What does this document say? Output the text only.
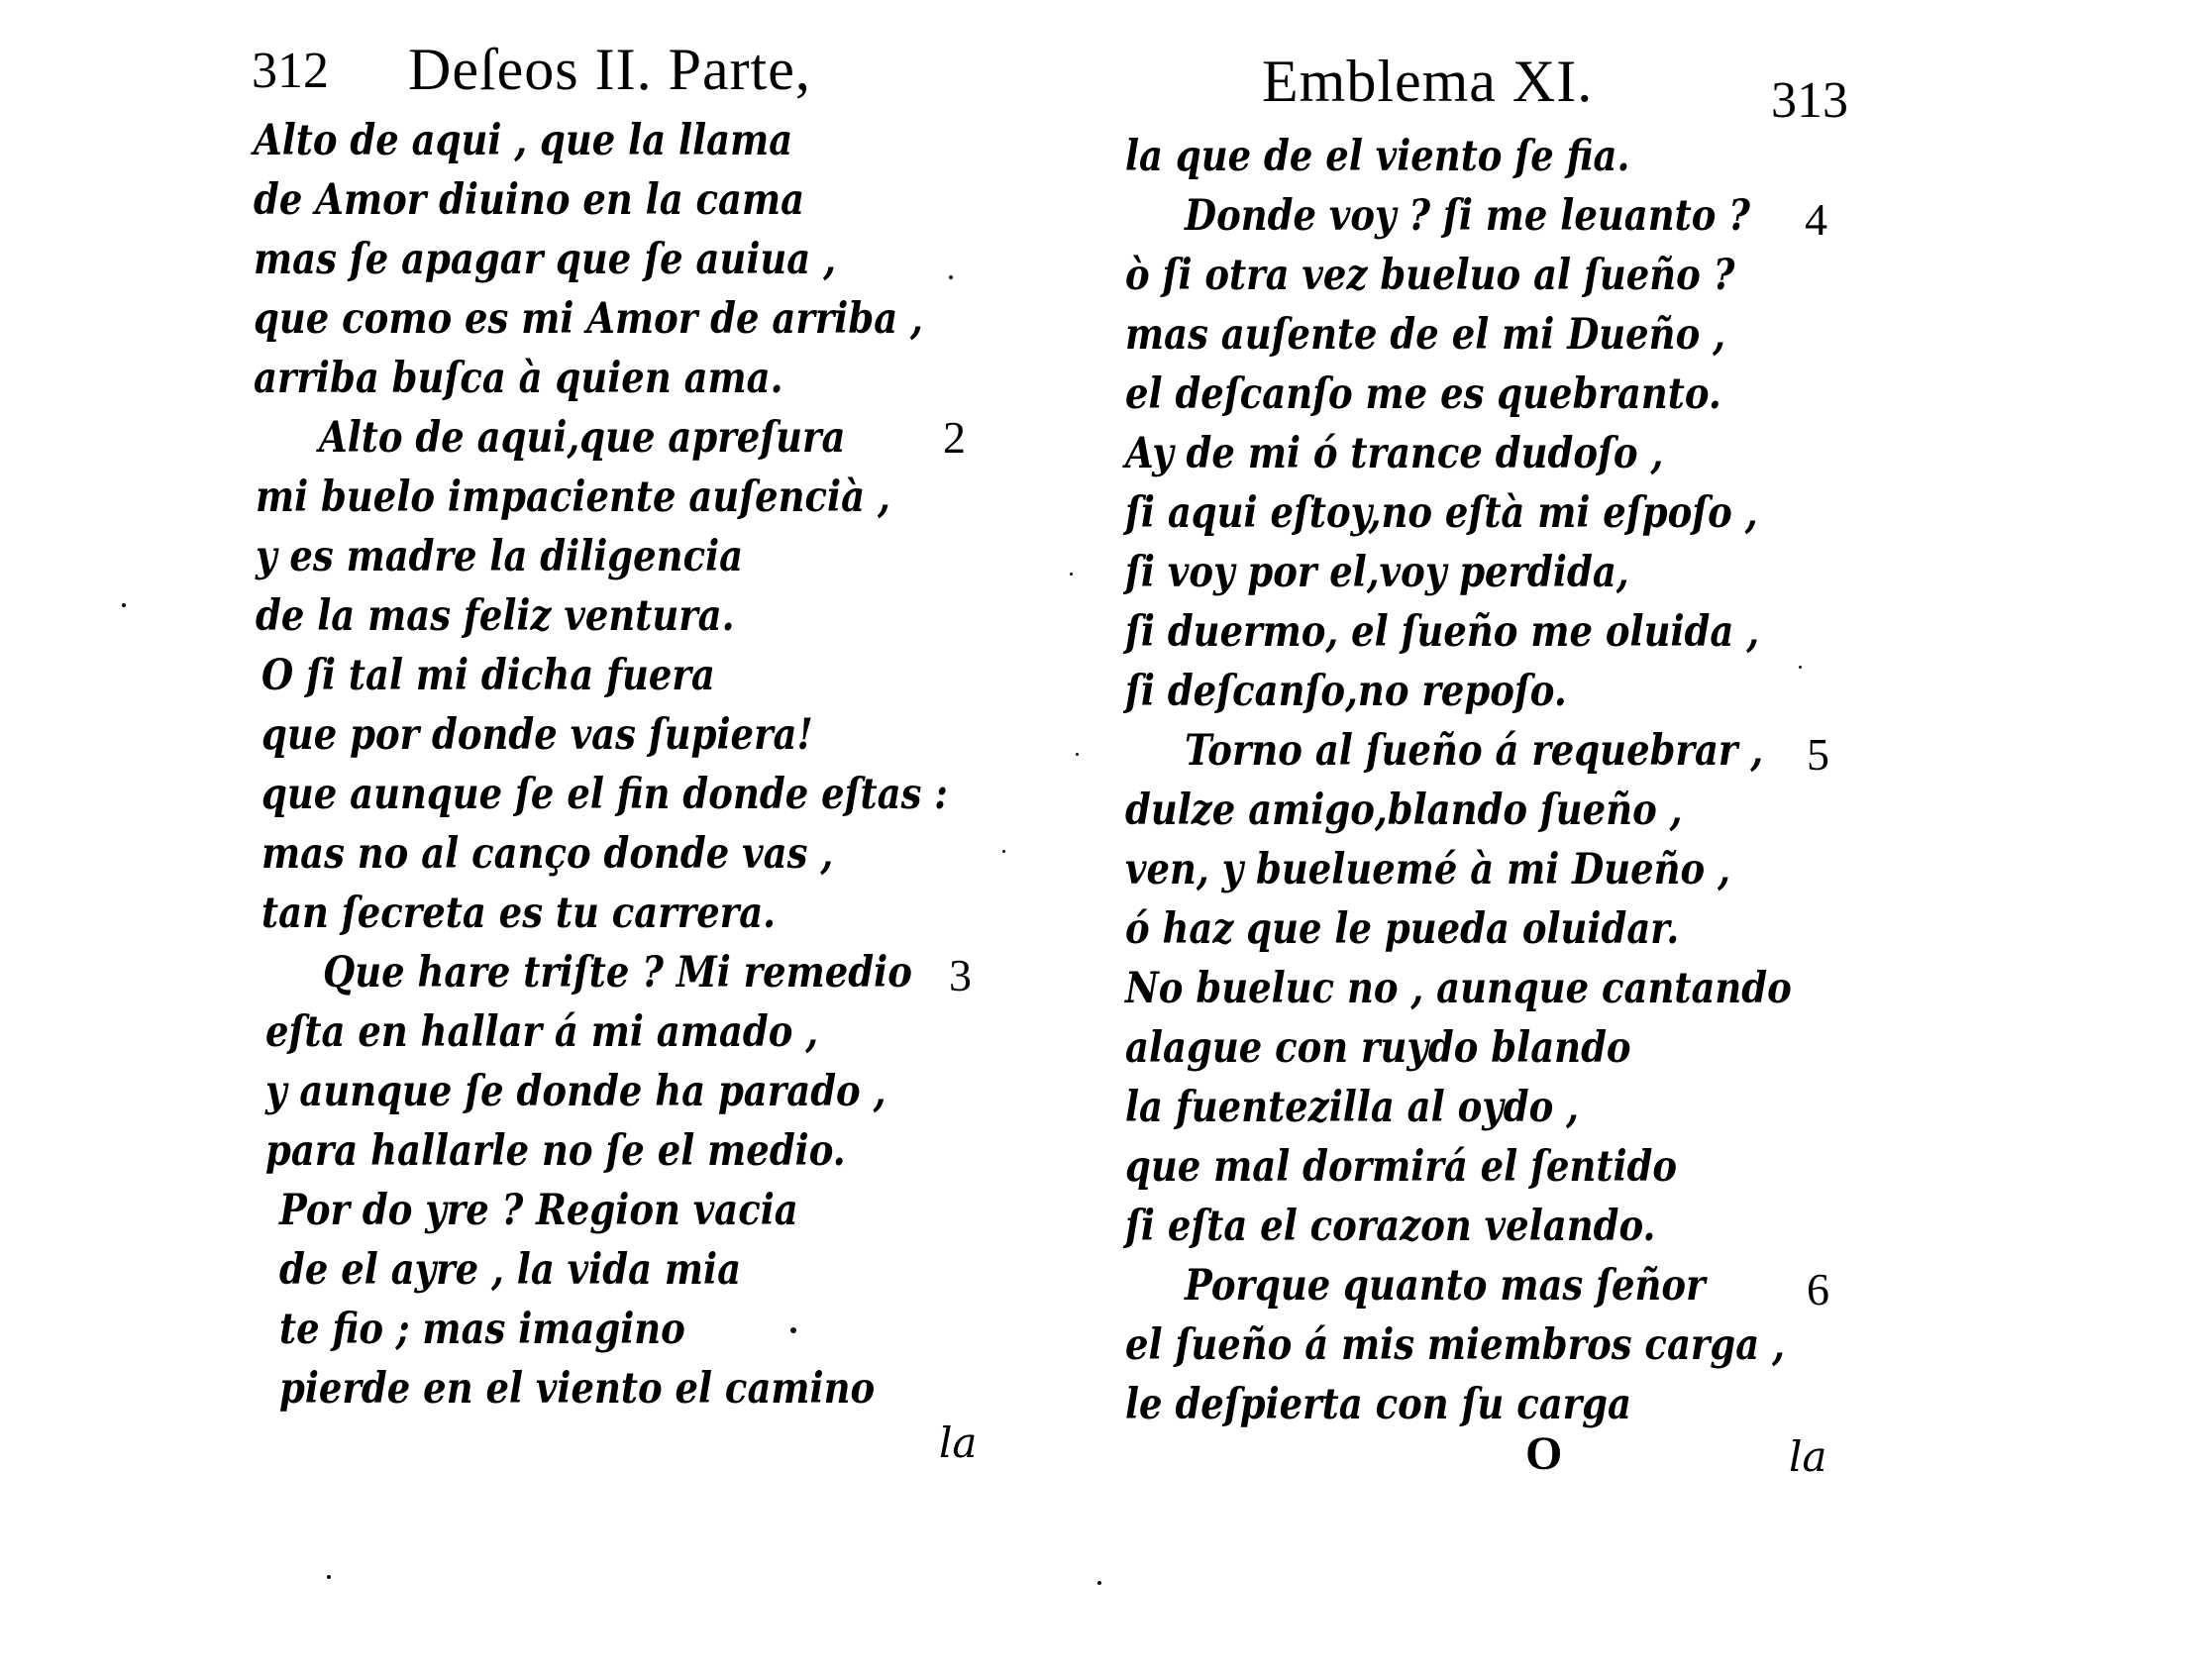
312 Deſeos II. Parte,
Alto de aqui , que la llama
de Amor diuino en la cama
mas ſe apagar que ſe auiua ,
que como es mi Amor de arriba ,
arriba buſca à quien ama.
Alto de aqui,que apreſura
mi buelo impaciente auſencià ,
y es madre la diligencia
de la mas feliz ventura.
O ſi tal mi dicha fuera
que por donde vas ſupiera!
que aunque ſe el fin donde eſtas :
mas no al canço donde vas ,
tan ſecreta es tu carrera.
Que hare triſte ? Mi remedio
eſta en hallar á mi amado ,
y aunque ſe donde ha parado ,
para hallarle no ſe el medio.
Por do yre ? Region vacia
de el ayre , la vida mia
te fio ; mas imagino
pierde en el viento el camino
2
3
la
Emblema XI.	313
la que de el viento ſe fia.
Donde voy ? ſi me leuanto ?
ò ſi otra vez bueluo al ſueño ?
mas auſente de el mi Dueño ,
el deſcanſo me es quebranto.
Ay de mi ó trance dudoſo ,
ſi aqui eſtoy,no eſtà mi eſpoſo ,
ſi voy por el,voy perdida,
ſi duermo, el ſueño me oluida ,
ſi deſcanſo,no repoſo.
Torno al ſueño á requebrar ,
dulze amigo,blando ſueño ,
ven, y bueluemé à mi Dueño ,
ó haz que le pueda oluidar.
No bueluc no , aunque cantando
alague con ruydo blando
la fuentezilla al oydo ,
que mal dormirá el ſentido
ſi eſta el corazon velando.
Porque quanto mas ſeñor
el ſueño á mis miembros carga ,
le deſpierta con ſu carga
4
5
6
O	la
